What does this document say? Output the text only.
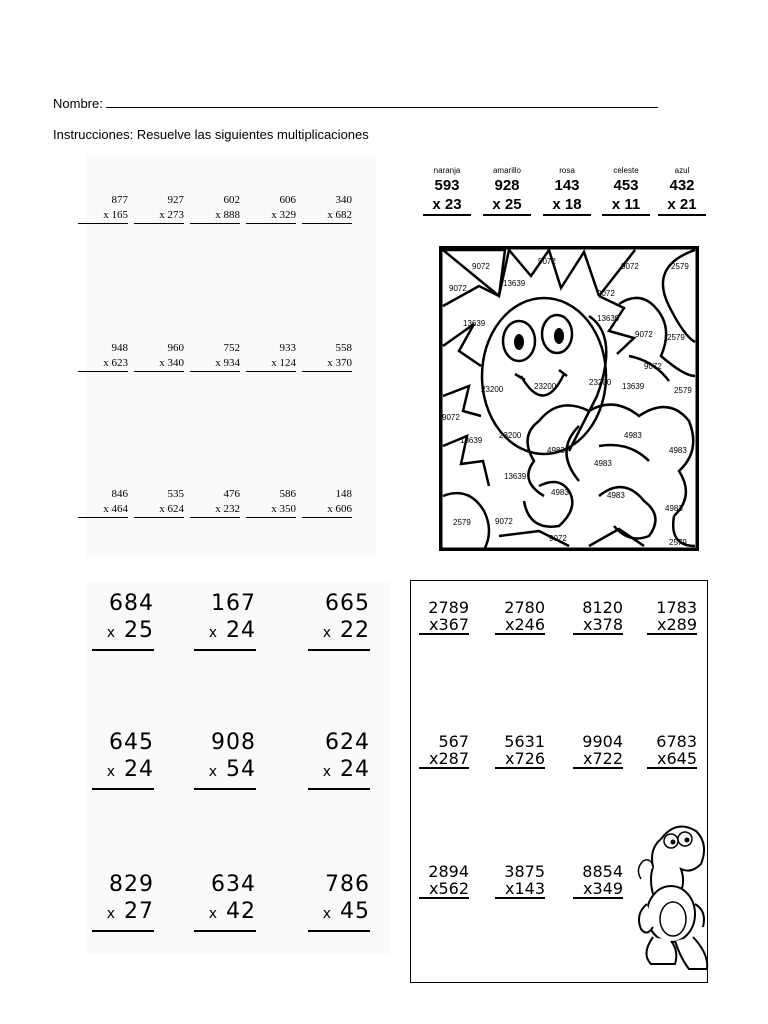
Nombre:
Instrucciones: Resuelve las siguientes multiplicaciones
877
x 165
927
x 273
602
x 888
606
x 329
340
x 682
948
x 623
960
x 340
752
x 934
933
x 124
558
x 370
846
x 464
535
x 624
476
x 232
586
x 350
148
x 606
naranja
593
x 23
amarillo
928
x 25
rosa
143
x 18
celeste
453
x 11
azul
432
x 21
9072
9072
9072
9072
2579
13639
9072
13639
13639
9072 2579
23200	23200	23200 13639
9072
9072
2579
23200
13639
4983
4983
4983
13639
4983
4983	4983
4983
2579	9072
9072	2579
684
x 25
167
x 24
665
x 22
645
x 24
908
x 54
624
x 24
829
x 27
634
x 42
786
x 45
2789
x367
2780
x246
8120
x378
1783
x289
567
x287
5631
x726
9904
x722
6783
x645
2894
x562
3875
x143
8854
x349
